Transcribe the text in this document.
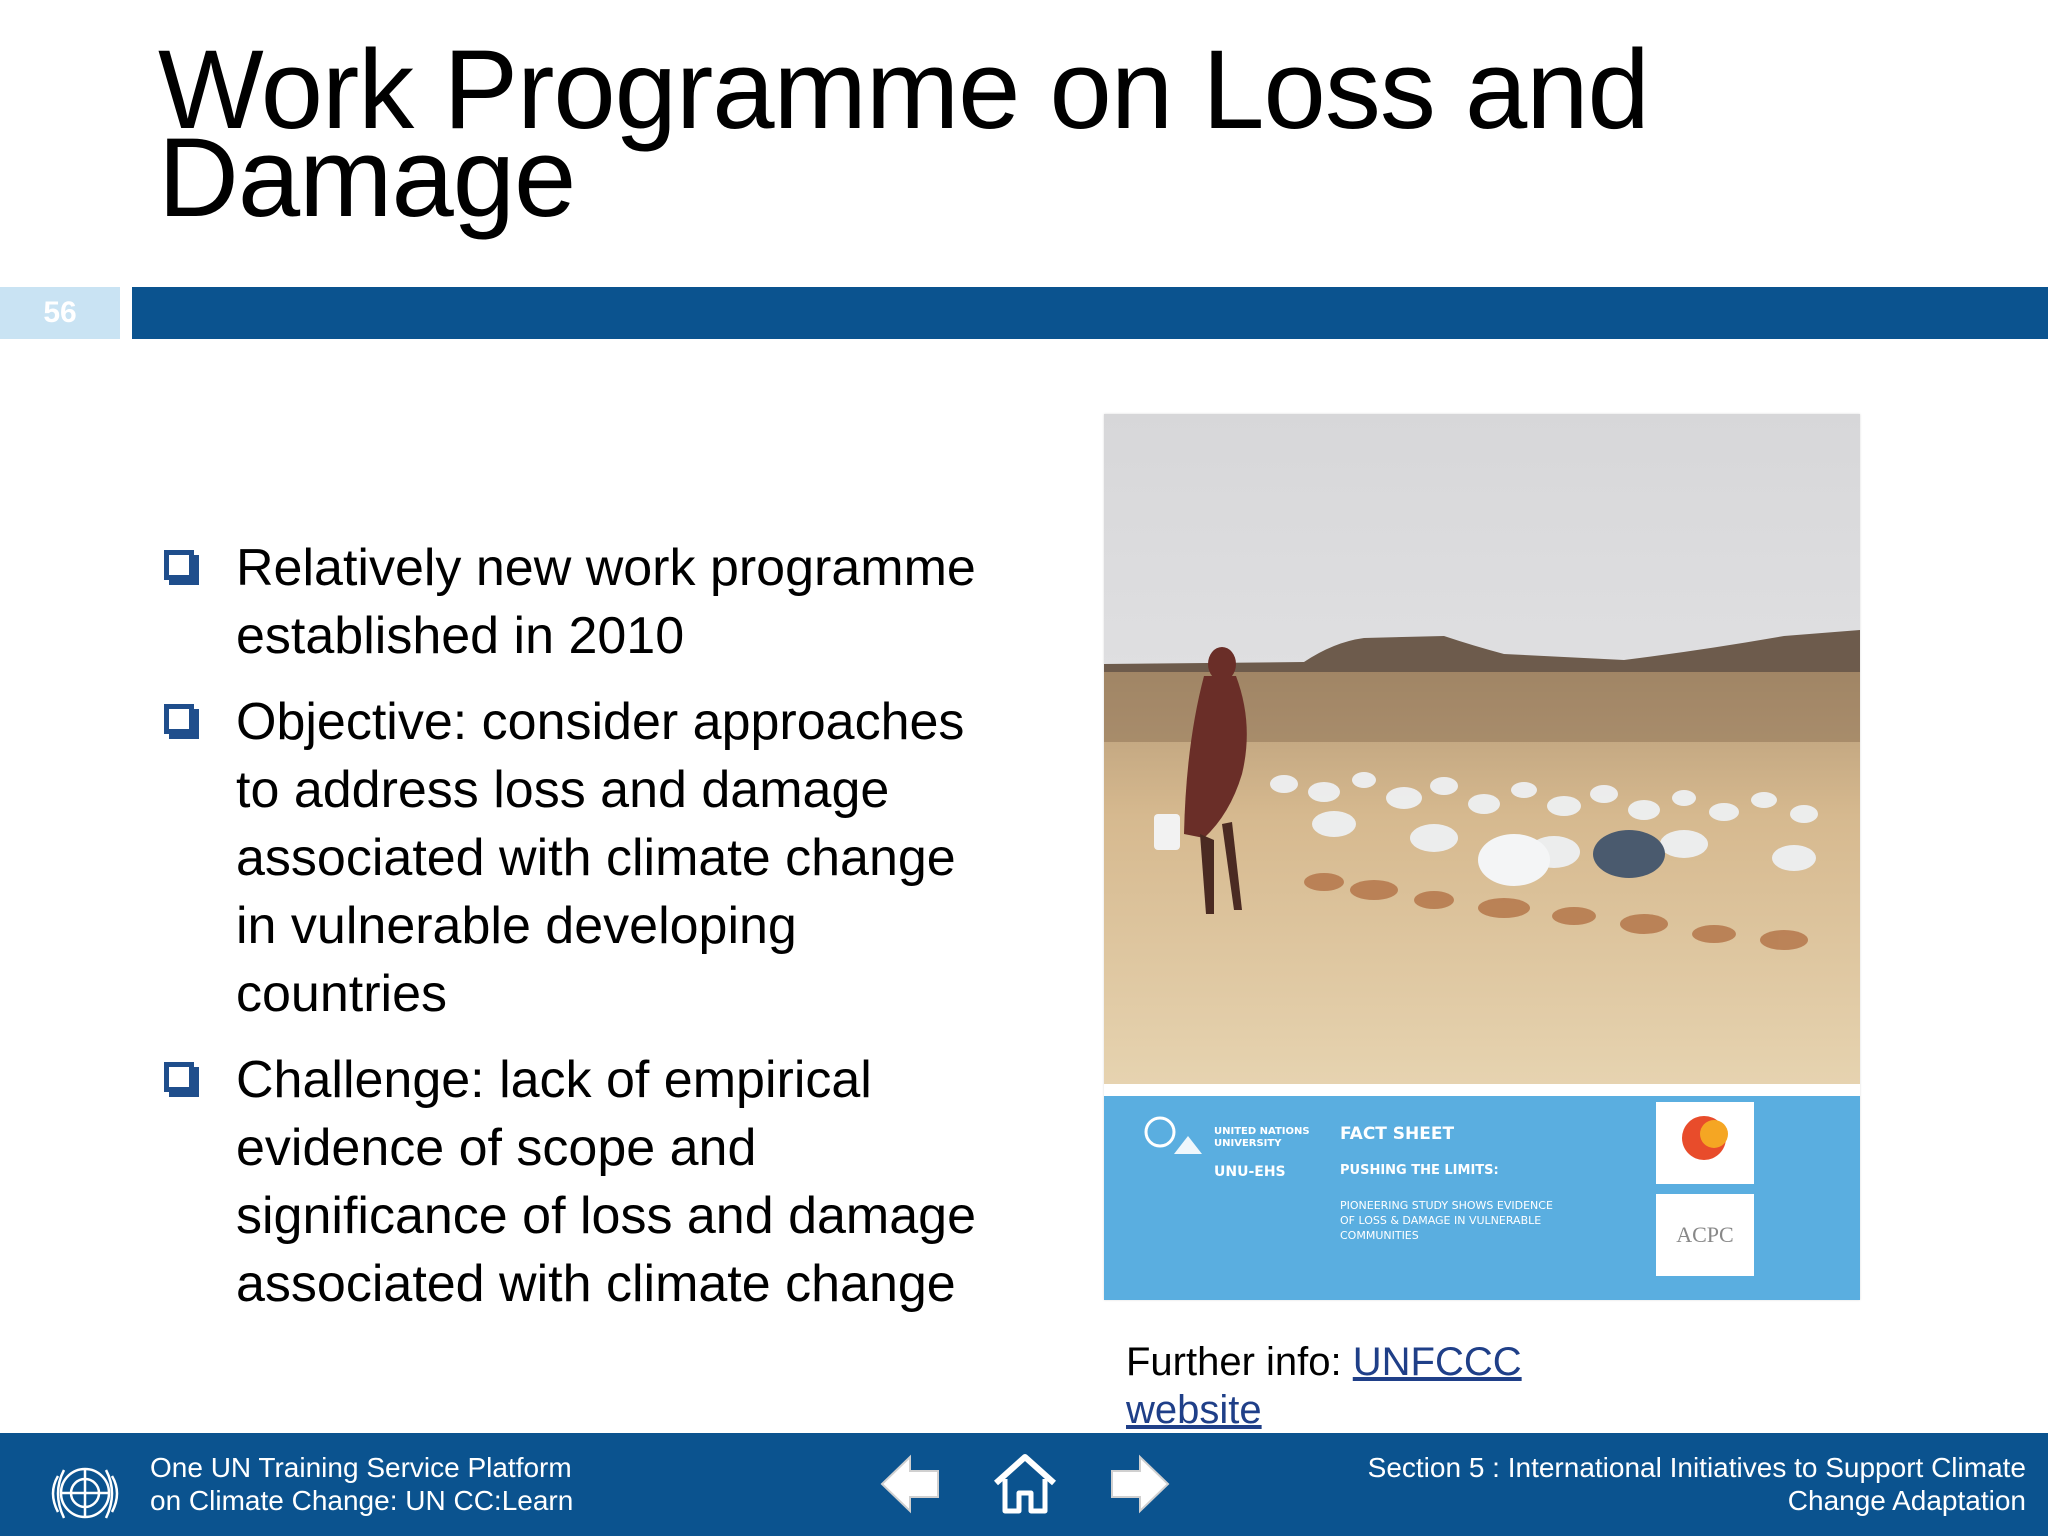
Work Programme on Loss and
Damage
56
Relatively new work programme established in 2010
Objective: consider approaches to address loss and damage associated with climate change in vulnerable developing countries
Challenge: lack of empirical evidence of scope and significance of loss and damage associated with climate change
UNITED NATIONS
UNIVERSITY
UNU-EHS
FACT SHEET
PUSHING THE LIMITS:
PIONEERING STUDY SHOWS EVIDENCE
OF LOSS & DAMAGE IN VULNERABLE
COMMUNITIES	ACPC
Further info: UNFCCC
website
One UN Training Service Platform
on Climate Change: UN CC:Learn
Section 5 : International Initiatives to Support Climate
Change Adaptation
